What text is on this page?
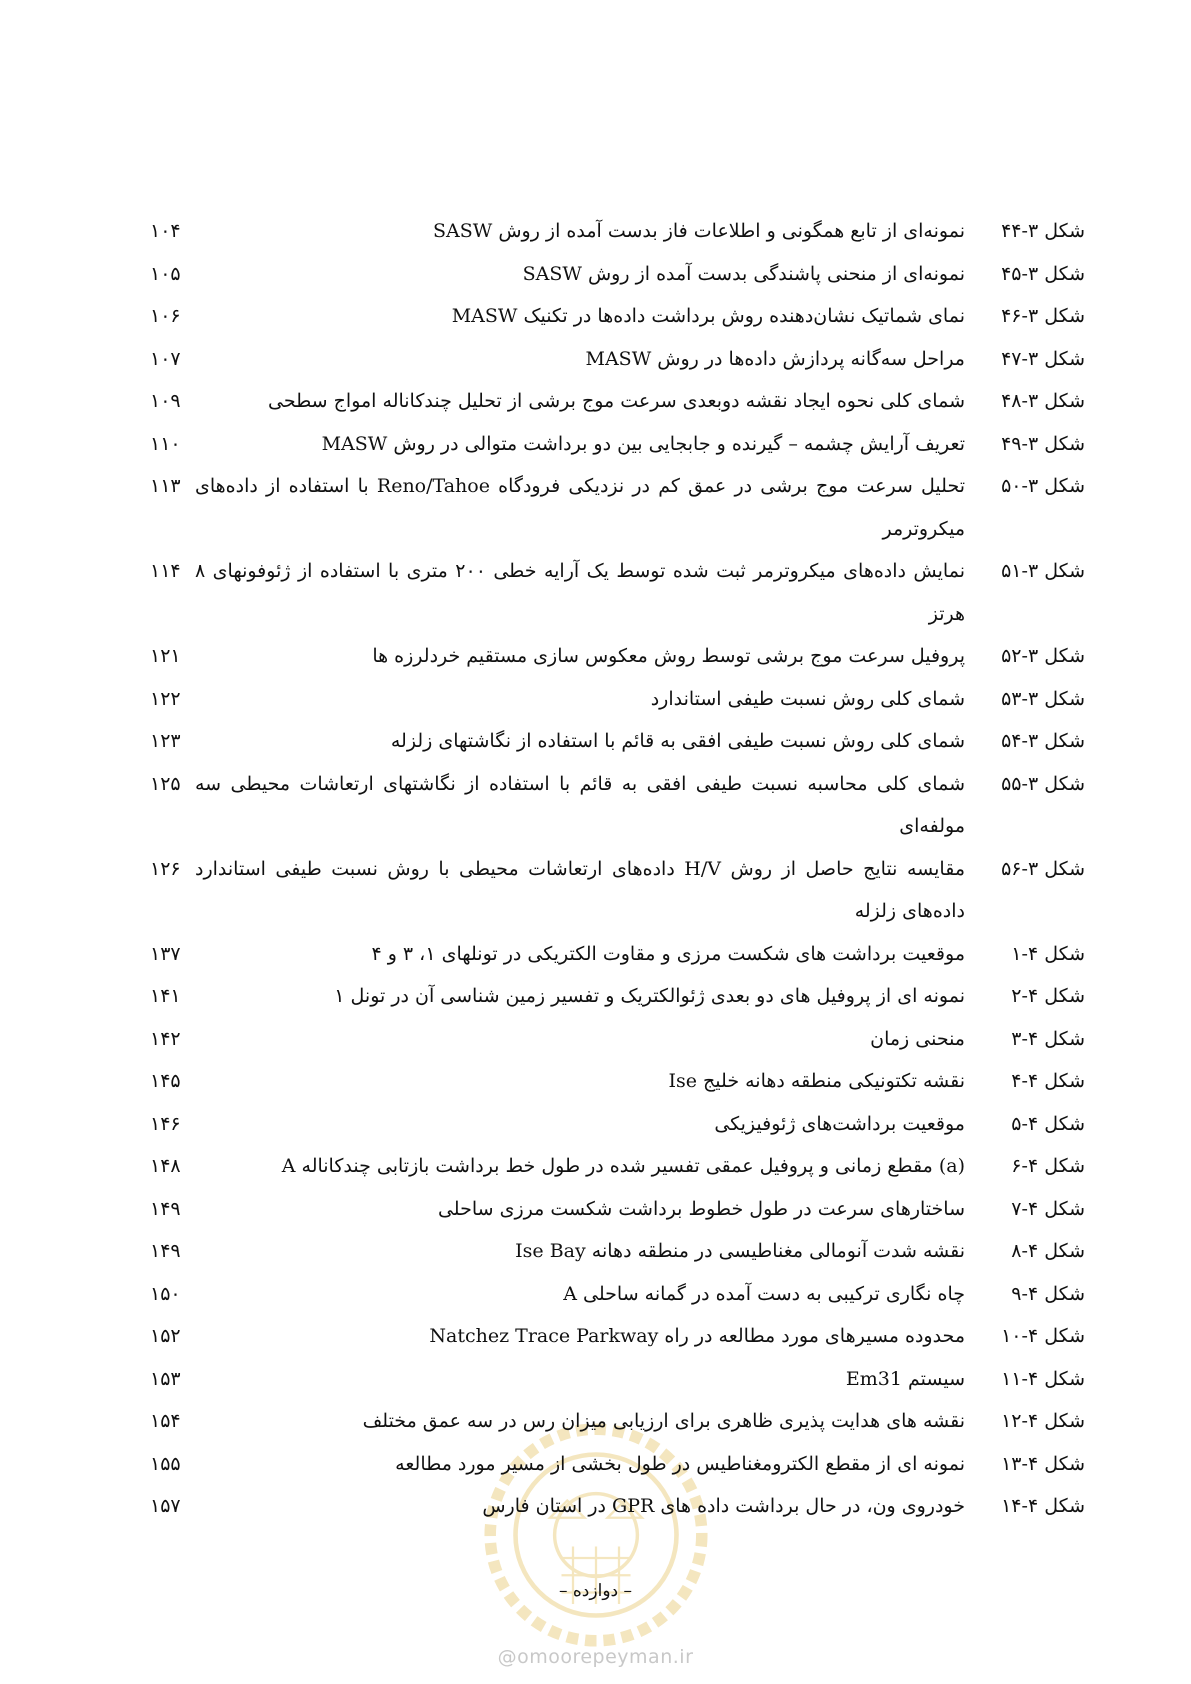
شکل ۳-۴۴
نمونه‌ای از تابع همگونی و اطلاعات فاز بدست آمده از روش SASW
۱۰۴
شکل ۳-۴۵
نمونه‌ای از منحنی پاشندگی بدست آمده از روش SASW
۱۰۵
شکل ۳-۴۶
نمای شماتیک نشان‌دهنده روش برداشت داده‌ها در تکنیک MASW
۱۰۶
شکل ۳-۴۷
مراحل سه‌گانه پردازش داده‌ها در روش MASW
۱۰۷
شکل ۳-۴۸
شمای کلی نحوه ایجاد نقشه دوبعدی سرعت موج برشی از تحلیل چندکاناله امواج سطحی
۱۰۹
شکل ۳-۴۹
تعریف آرایش چشمه – گیرنده و جابجایی بین دو برداشت متوالی در روش MASW
۱۱۰
شکل ۳-۵۰
تحلیل سرعت موج برشی در عمق کم در نزدیکی فرودگاه Reno/Tahoe با استفاده از داده‌های میکروترمر
۱۱۳
شکل ۳-۵۱
نمایش داده‌های میکروترمر ثبت شده توسط یک آرایه خطی ۲۰۰ متری با استفاده از ژئوفونهای ۸ هرتز
۱۱۴
شکل ۳-۵۲
پروفیل سرعت موج برشی توسط روش معکوس سازی مستقیم خردلرزه ها
۱۲۱
شکل ۳-۵۳
شمای کلی روش نسبت طیفی استاندارد
۱۲۲
شکل ۳-۵۴
شمای کلی روش نسبت طیفی افقی به قائم با استفاده از نگاشتهای زلزله
۱۲۳
شکل ۳-۵۵
شمای کلی محاسبه نسبت طیفی افقی به قائم با استفاده از نگاشتهای ارتعاشات محیطی سه مولفه‌ای
۱۲۵
شکل ۳-۵۶
مقایسه نتایج حاصل از روش H/V داده‌های ارتعاشات محیطی با روش نسبت طیفی استاندارد داده‌های زلزله
۱۲۶
شکل ۴-۱
موقعیت برداشت های شکست مرزی و مقاوت الکتریکی در تونلهای ۱، ۳ و ۴
۱۳۷
شکل ۴-۲
نمونه ای از پروفیل های دو بعدی ژئوالکتریک و تفسیر زمین شناسی آن در تونل ۱
۱۴۱
شکل ۴-۳
منحنی زمان
۱۴۲
شکل ۴-۴
نقشه تکتونیکی منطقه دهانه خلیج Ise
۱۴۵
شکل ۴-۵
موقعیت برداشت‌های ژئوفیزیکی
۱۴۶
شکل ۴-۶
(a) مقطع زمانی و پروفیل عمقی تفسیر شده در طول خط برداشت بازتابی چندکاناله A
۱۴۸
شکل ۴-۷
ساختارهای سرعت در طول خطوط برداشت شکست مرزی ساحلی
۱۴۹
شکل ۴-۸
نقشه شدت آنومالی مغناطیسی در منطقه دهانه Ise Bay
۱۴۹
شکل ۴-۹
چاه نگاری ترکیبی به دست آمده در گمانه ساحلی A
۱۵۰
شکل ۴-۱۰
محدوده مسیرهای مورد مطالعه در راه Natchez Trace Parkway
۱۵۲
شکل ۴-۱۱
سیستم Em31
۱۵۳
شکل ۴-۱۲
نقشه های هدایت پذیری ظاهری برای ارزیابی میزان رس در سه عمق مختلف
۱۵۴
شکل ۴-۱۳
نمونه ای از مقطع الکترومغناطیس در طول بخشی از مسیر مورد مطالعه
۱۵۵
شکل ۴-۱۴
خودروی ون، در حال برداشت داده های GPR در استان فارس
۱۵۷
– دوازده –
@omoorepeyman.ir
